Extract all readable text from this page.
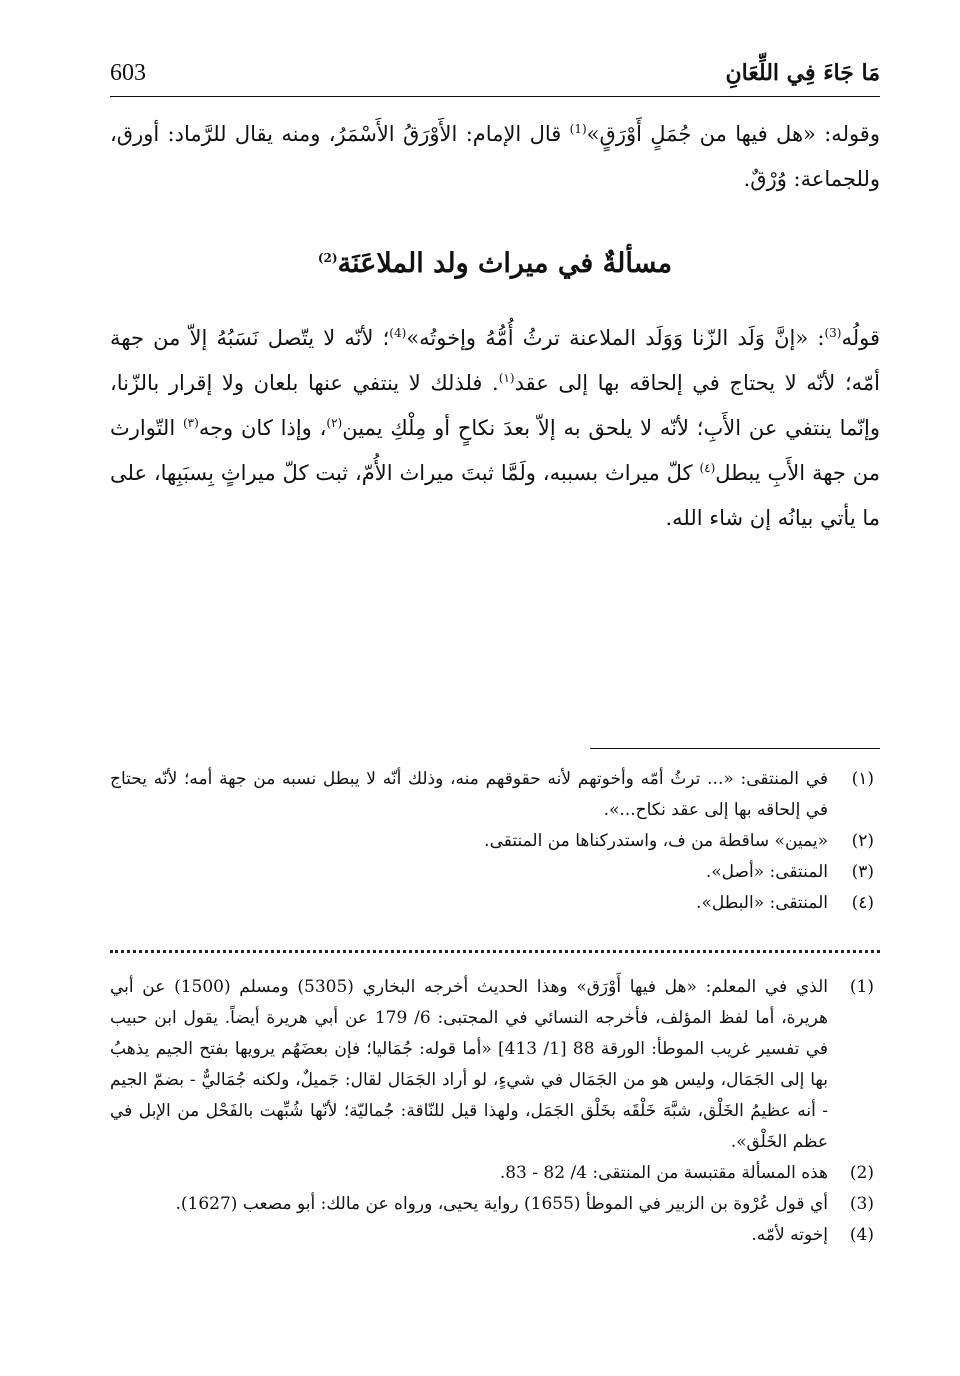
603	مَا جَاءَ فِي اللِّعَانِ

وقوله: «هل فيها من جُمَلٍ أَوْرَقٍ»$^{(1)}$ قال الإمام: الأَوْرَقُ الأَسْمَرُ، ومنه يقال للرَّماد: أورق، وللجماعة: وُرْقٌ.

مسألةٌ في ميراث ولد الملاعَنَة$^{(2)}$

قولُه$^{(3)}$: «إنَّ وَلَد الزّنا وَوَلَد الملاعنة ترثُ أُمُّهُ وإخوتُه»$^{(4)}$؛ لأنّه لا يتّصل نَسَبُهُ إلاّ من جهة أمّه؛ لأنّه لا يحتاج في إلحاقه بها إلى عقد$^{(١)}$. فلذلك لا ينتفي عنها بلعان ولا إقرار بالزّنا، وإنّما ينتفي عن الأَبِ؛ لأنّه لا يلحق به إلاّ بعدَ نكاحٍ أو مِلْكِ يمين$^{(٢)}$، وإذا كان وجه$^{(٣)}$ التّوارث من جهة الأَبِ يبطل$^{(٤)}$ كلّ ميراث بسببه، ولَمَّا ثبتَ ميراث الأُمّ، ثبت كلّ ميراثٍ بِسبَبِها، على ما يأتي بيانُه إن شاء الله.

(١)
في المنتقى: «... ترثُ أمّه وأخوتهم لأنه حقوقهم منه، وذلك أنّه لا يبطل نسبه من جهة أمه؛ لأنّه يحتاج في إلحاقه بها إلى عقد نكاح...».
(٢)
«يمين» ساقطة من ف، واستدركناها من المنتقى.
(٣)
المنتقى: «أصل».
(٤)
المنتقى: «البطل».
(1)
الذي في المعلم: «هل فيها أَوْرَق» وهذا الحديث أخرجه البخاري (5305) ومسلم (1500) عن أبي هريرة، أما لفظ المؤلف، فأخرجه النسائي في المجتبى: 6/ 179 عن أبي هريرة أيضاً. يقول ابن حبيب في تفسير غريب الموطأ: الورقة 88 [1/ 413] «أما قوله: جُمَاليا؛ فإن بعضَهُم يرويها بفتح الجيم يذهبُ بها إلى الجَمَال، وليس هو من الجَمَال في شيءٍ، لو أراد الجَمَال لقال: جَميلٌ، ولكنه جُمَاليٌّ - بضمّ الجيم - أنه عظيمُ الخَلْق، شبَّهَ خَلْقَه بخَلْق الجَمَل، ولهذا قيل للنّاقة: جُماليّة؛ لأنّها شُبِّهت بالفَحْل من الإبل في عظم الخَلْق».
(2)
هذه المسألة مقتبسة من المنتقى: 4/ 82 - 83.
(3)
أي قول عُرْوة بن الزبير في الموطأ (1655) رواية يحيى، ورواه عن مالك: أبو مصعب (1627).
(4)
إخوته لأمّه.
